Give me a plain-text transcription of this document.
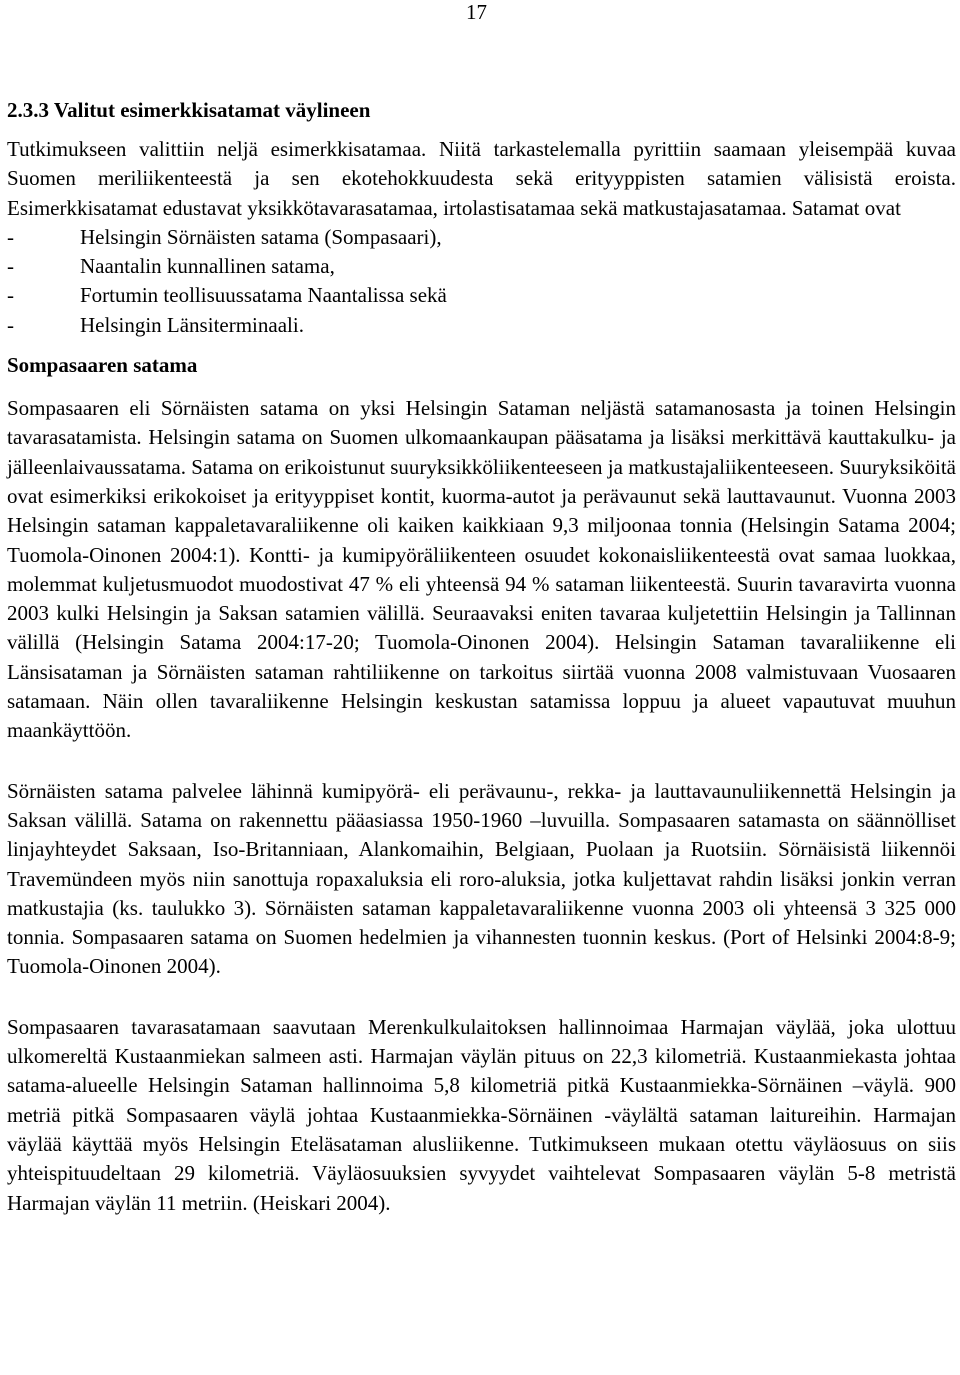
17
2.3.3 Valitut esimerkkisatamat väylineen

Tutkimukseen valittiin neljä esimerkkisatamaa. Niitä tarkastelemalla pyrittiin saamaan yleisempää kuvaa Suomen meriliikenteestä ja sen ekotehokkuudesta sekä erityyppisten satamien välisistä eroista. Esimerkkisatamat edustavat yksikkötavarasatamaa, irtolastisatamaa sekä matkustajasatamaa. Satamat ovat

- Helsingin Sörnäisten satama (Sompasaari),
- Naantalin kunnallinen satama,
- Fortumin teollisuussatama Naantalissa sekä
- Helsingin Länsiterminaali.
Sompasaaren satama

Sompasaaren eli Sörnäisten satama on yksi Helsingin Sataman neljästä satamanosasta ja toinen Helsingin tavarasatamista. Helsingin satama on Suomen ulkomaankaupan pääsatama ja lisäksi merkittävä kauttakulku- ja jälleenlaivaussatama. Satama on erikoistunut suuryksikköliikenteeseen ja matkustajaliikenteeseen. Suuryksiköitä ovat esimerkiksi erikokoiset ja erityyppiset kontit, kuorma-autot ja perävaunut sekä lauttavaunut. Vuonna 2003 Helsingin sataman kappaletavaraliikenne oli kaiken kaikkiaan 9,3 miljoonaa tonnia (Helsingin Satama 2004; Tuomola-Oinonen 2004:1). Kontti- ja kumipyöräliikenteen osuudet kokonaisliikenteestä ovat samaa luokkaa, molemmat kuljetusmuodot muodostivat 47 % eli yhteensä 94 % sataman liikenteestä. Suurin tavaravirta vuonna 2003 kulki Helsingin ja Saksan satamien välillä. Seuraavaksi eniten tavaraa kuljetettiin Helsingin ja Tallinnan välillä (Helsingin Satama 2004:17-20; Tuomola-Oinonen 2004). Helsingin Sataman tavaraliikenne eli Länsisataman ja Sörnäisten sataman rahtiliikenne on tarkoitus siirtää vuonna 2008 valmistuvaan Vuosaaren satamaan. Näin ollen tavaraliikenne Helsingin keskustan satamissa loppuu ja alueet vapautuvat muuhun maankäyttöön.

Sörnäisten satama palvelee lähinnä kumipyörä- eli perävaunu-, rekka- ja lauttavaunuliikennettä Helsingin ja Saksan välillä. Satama on rakennettu pääasiassa 1950-1960 –luvuilla. Sompasaaren satamasta on säännölliset linjayhteydet Saksaan, Iso-Britanniaan, Alankomaihin, Belgiaan, Puolaan ja Ruotsiin. Sörnäisistä liikennöi Travemündeen myös niin sanottuja ropaxaluksia eli roro-aluksia, jotka kuljettavat rahdin lisäksi jonkin verran matkustajia (ks. taulukko 3). Sörnäisten sataman kappaletavaraliikenne vuonna 2003 oli yhteensä 3 325 000 tonnia. Sompasaaren satama on Suomen hedelmien ja vihannesten tuonnin keskus. (Port of Helsinki 2004:8-9; Tuomola-Oinonen 2004).

Sompasaaren tavarasatamaan saavutaan Merenkulkulaitoksen hallinnoimaa Harmajan väylää, joka ulottuu ulkomereltä Kustaanmiekan salmeen asti. Harmajan väylän pituus on 22,3 kilometriä. Kustaanmiekasta johtaa satama-alueelle Helsingin Sataman hallinnoima 5,8 kilometriä pitkä Kustaanmiekka-Sörnäinen –väylä. 900 metriä pitkä Sompasaaren väylä johtaa Kustaanmiekka-Sörnäinen -väylältä sataman laitureihin. Harmajan väylää käyttää myös Helsingin Eteläsataman alusliikenne. Tutkimukseen mukaan otettu väyläosuus on siis yhteispituudeltaan 29 kilometriä. Väyläosuuksien syvyydet vaihtelevat Sompasaaren väylän 5-8 metristä Harmajan väylän 11 metriin. (Heiskari 2004).
